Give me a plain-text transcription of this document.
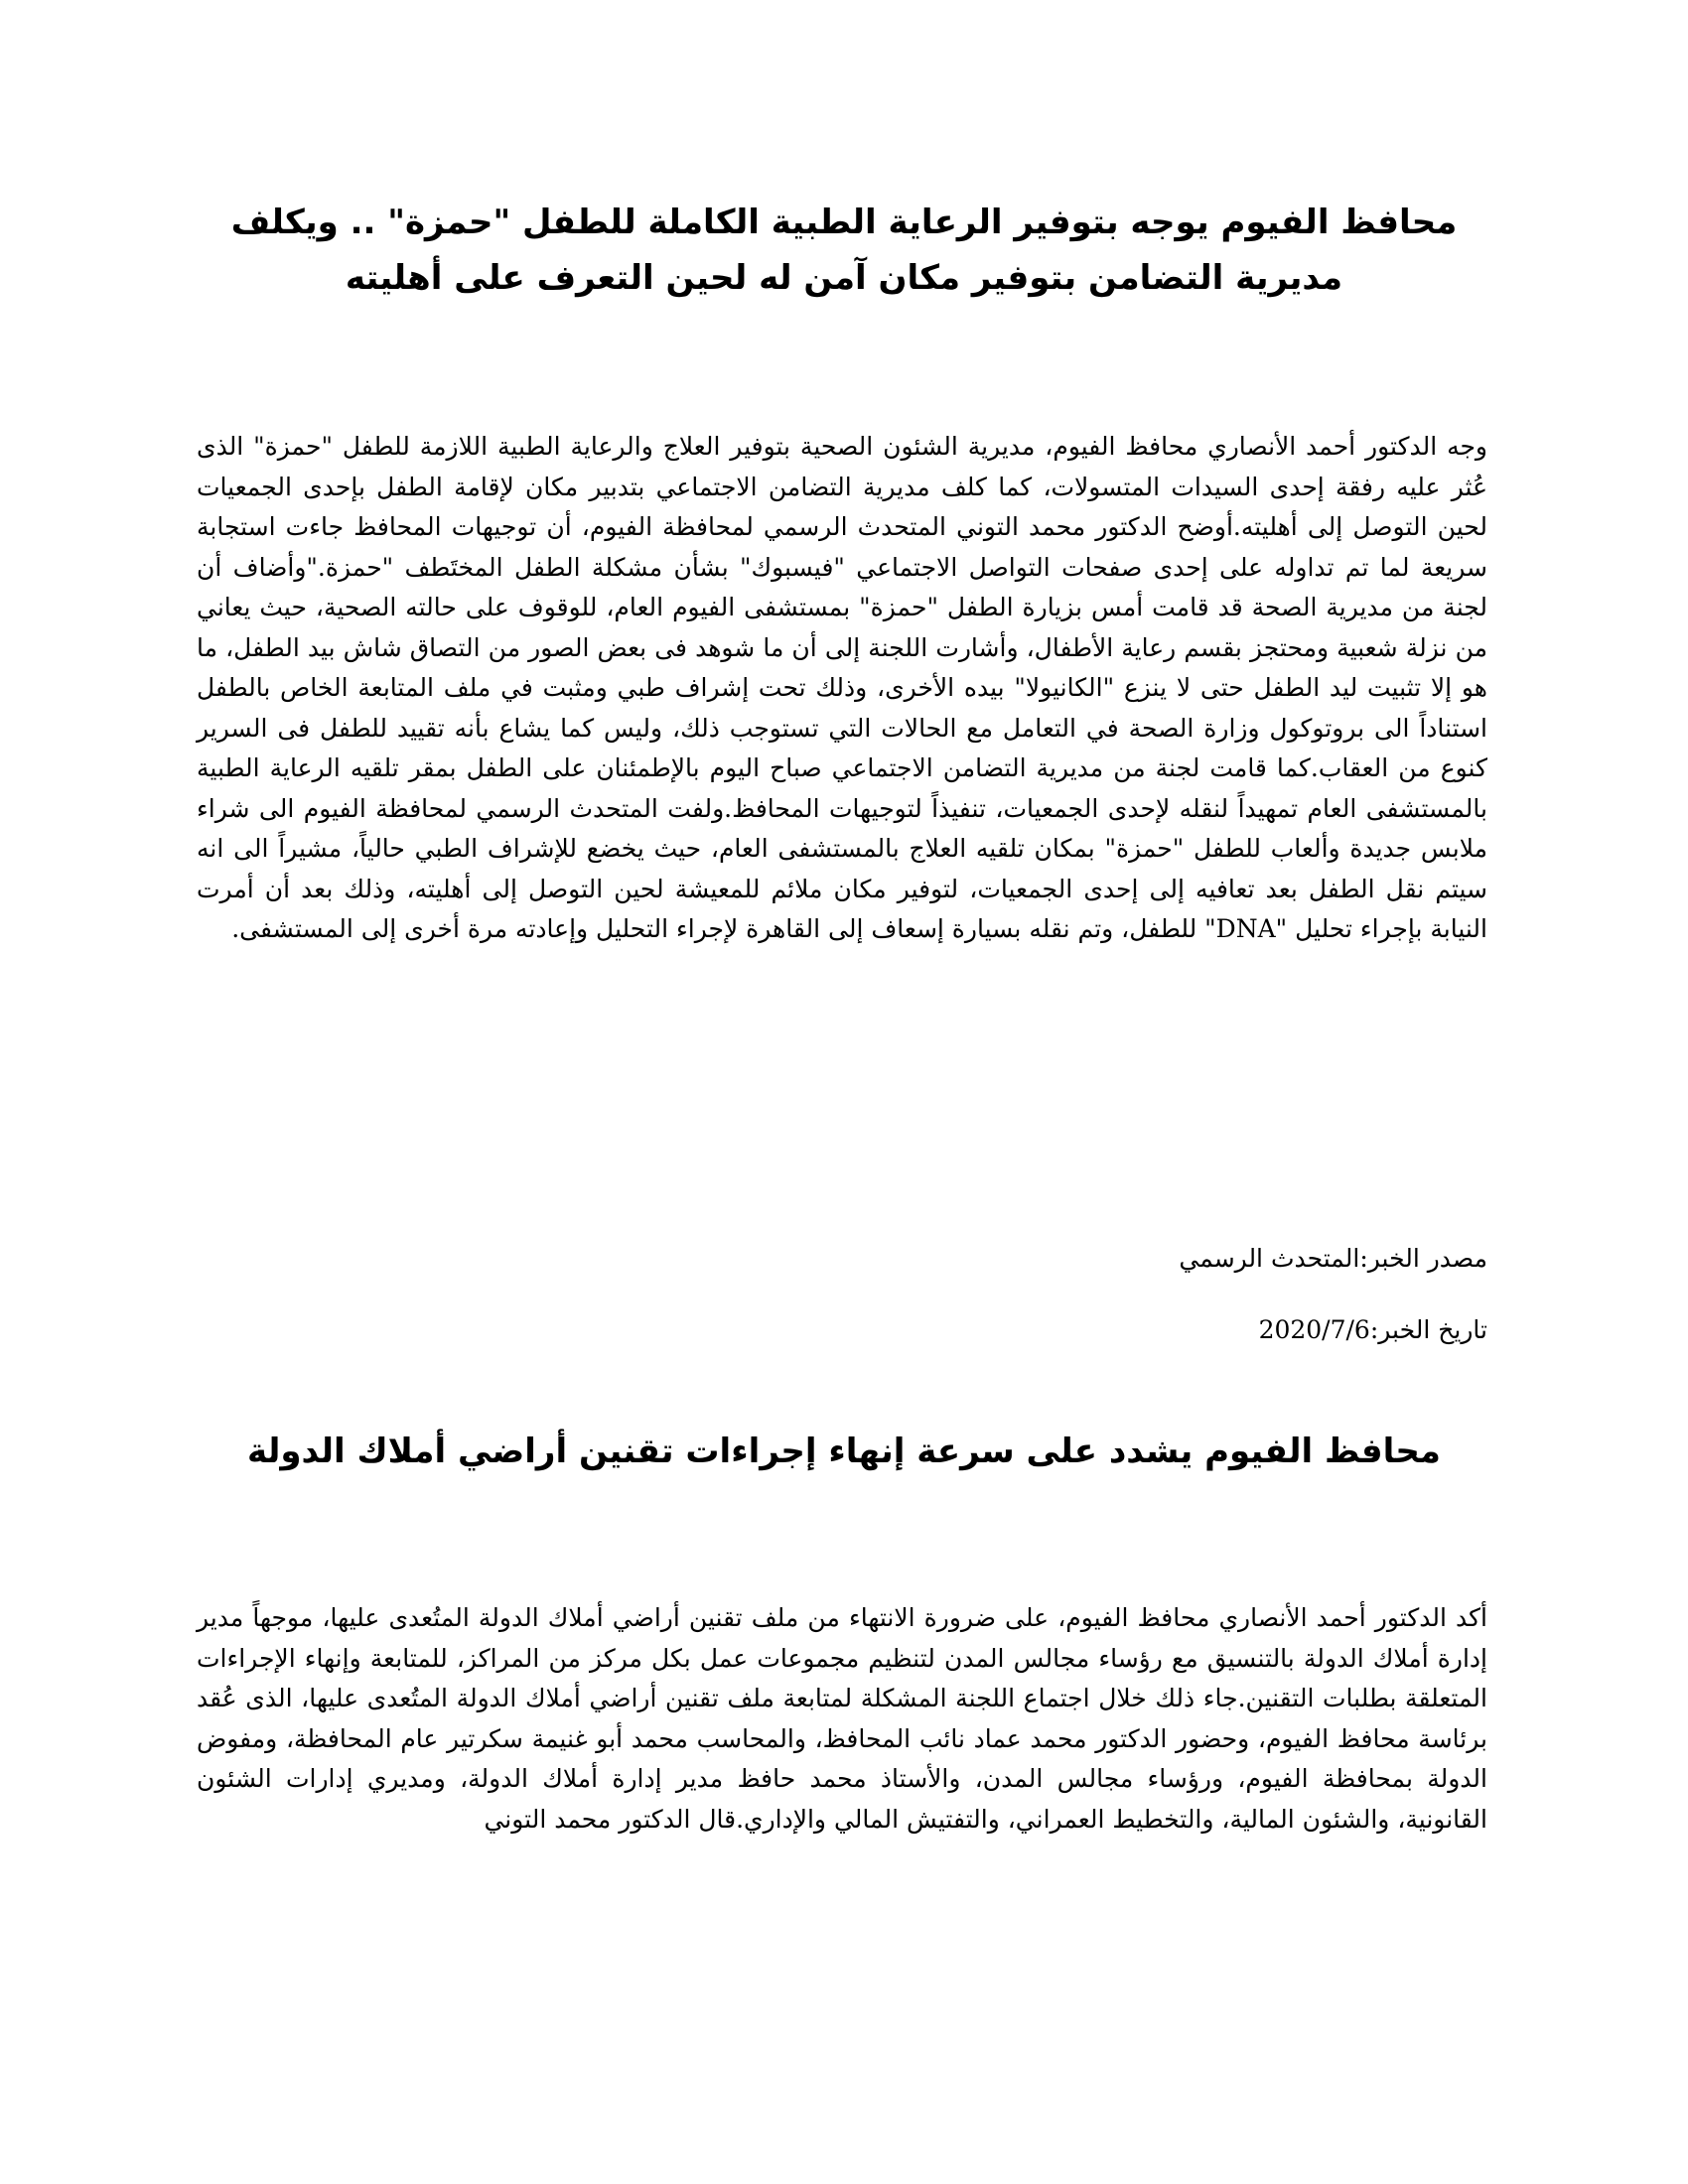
محافظ الفيوم يوجه بتوفير الرعاية الطبية الكاملة للطفل "حمزة" .. ويكلف مديرية التضامن بتوفير مكان آمن له لحين التعرف على أهليته

وجه الدكتور أحمد الأنصاري محافظ الفيوم، مديرية الشئون الصحية بتوفير العلاج والرعاية الطبية اللازمة للطفل "حمزة" الذى عُثر عليه رفقة إحدى السيدات المتسولات، كما كلف مديرية التضامن الاجتماعي بتدبير مكان لإقامة الطفل بإحدى الجمعيات لحين التوصل إلى أهليته.أوضح الدكتور محمد التوني المتحدث الرسمي لمحافظة الفيوم، أن توجيهات المحافظ جاءت استجابة سريعة لما تم تداوله على إحدى صفحات التواصل الاجتماعي "فيسبوك" بشأن مشكلة الطفل المختَطف "حمزة."وأضاف أن لجنة من مديرية الصحة قد قامت أمس بزيارة الطفل "حمزة" بمستشفى الفيوم العام، للوقوف على حالته الصحية، حيث يعاني من نزلة شعبية ومحتجز بقسم رعاية الأطفال، وأشارت اللجنة إلى أن ما شوهد فى بعض الصور من التصاق شاش بيد الطفل، ما هو إلا تثبيت ليد الطفل حتى لا ينزع "الكانيولا" بيده الأخرى، وذلك تحت إشراف طبي ومثبت في ملف المتابعة الخاص بالطفل استناداً الى بروتوكول وزارة الصحة في التعامل مع الحالات التي تستوجب ذلك، وليس كما يشاع بأنه تقييد للطفل فى السرير كنوع من العقاب.كما قامت لجنة من مديرية التضامن الاجتماعي صباح اليوم بالإطمئنان على الطفل بمقر تلقيه الرعاية الطبية بالمستشفى العام تمهيداً لنقله لإحدى الجمعيات، تنفيذاً لتوجيهات المحافظ.ولفت المتحدث الرسمي لمحافظة الفيوم الى شراء ملابس جديدة وألعاب للطفل "حمزة" بمكان تلقيه العلاج بالمستشفى العام، حيث يخضع للإشراف الطبي حالياً، مشيراً الى انه سيتم نقل الطفل بعد تعافيه إلى إحدى الجمعيات، لتوفير مكان ملائم للمعيشة لحين التوصل إلى أهليته، وذلك بعد أن أمرت النيابة بإجراء تحليل "DNA" للطفل، وتم نقله بسيارة إسعاف إلى القاهرة لإجراء التحليل وإعادته مرة أخرى إلى المستشفى.

مصدر الخبر:المتحدث الرسمي

تاريخ الخبر:2020/7/6

محافظ الفيوم يشدد على سرعة إنهاء إجراءات تقنين أراضي أملاك الدولة

أكد الدكتور أحمد الأنصاري محافظ الفيوم، على ضرورة الانتهاء من ملف تقنين أراضي أملاك الدولة المتُعدى عليها، موجهاً مدير إدارة أملاك الدولة بالتنسيق مع رؤساء مجالس المدن لتنظيم مجموعات عمل بكل مركز من المراكز، للمتابعة وإنهاء الإجراءات المتعلقة بطلبات التقنين.جاء ذلك خلال اجتماع اللجنة المشكلة لمتابعة ملف تقنين أراضي أملاك الدولة المتُعدى عليها، الذى عُقد برئاسة محافظ الفيوم، وحضور الدكتور محمد عماد نائب المحافظ، والمحاسب محمد أبو غنيمة سكرتير عام المحافظة، ومفوض الدولة بمحافظة الفيوم، ورؤساء مجالس المدن، والأستاذ محمد حافظ مدير إدارة أملاك الدولة، ومديري إدارات الشئون القانونية، والشئون المالية، والتخطيط العمراني، والتفتيش المالي والإداري.قال الدكتور محمد التوني
